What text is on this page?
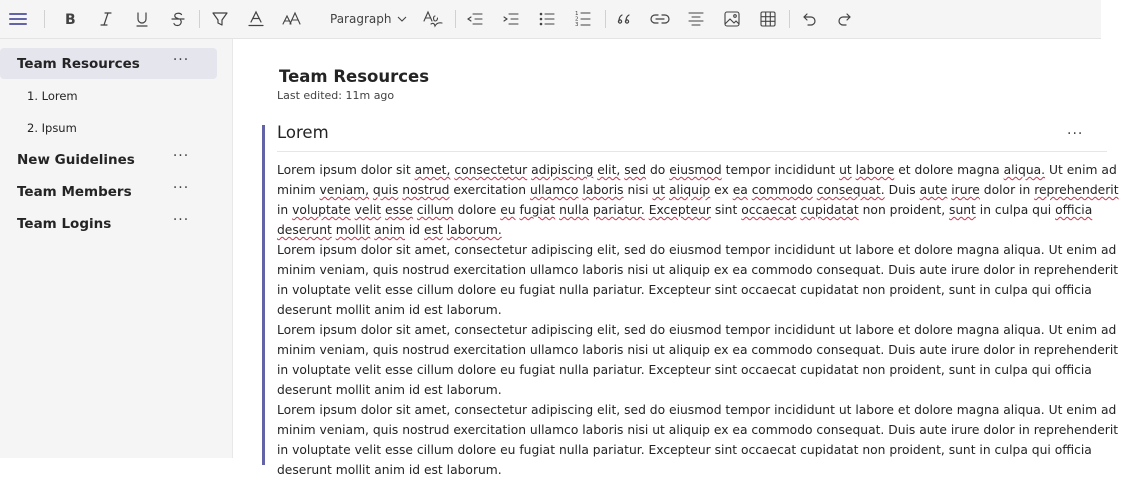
B	Paragraph	1
2
3
Team Resources ···
1. Lorem
2. Ipsum
New Guidelines	···
Team Members	···
Team Logins	···
Team Resources
Last edited: 11m ago
Lorem	···

Lorem ipsum dolor sit amet, consectetur adipiscing elit, sed do eiusmod tempor incididunt ut labore et dolore magna aliqua. Ut enim ad
minim veniam, quis nostrud exercitation ullamco laboris nisi ut aliquip ex ea commodo consequat. Duis aute irure dolor in reprehenderit
in voluptate velit esse cillum dolore eu fugiat nulla pariatur. Excepteur sint occaecat cupidatat non proident, sunt in culpa qui officia
deserunt mollit anim id est laborum.

Lorem ipsum dolor sit amet, consectetur adipiscing elit, sed do eiusmod tempor incididunt ut labore et dolore magna aliqua. Ut enim ad
minim veniam, quis nostrud exercitation ullamco laboris nisi ut aliquip ex ea commodo consequat. Duis aute irure dolor in reprehenderit
in voluptate velit esse cillum dolore eu fugiat nulla pariatur. Excepteur sint occaecat cupidatat non proident, sunt in culpa qui officia
deserunt mollit anim id est laborum.

Lorem ipsum dolor sit amet, consectetur adipiscing elit, sed do eiusmod tempor incididunt ut labore et dolore magna aliqua. Ut enim ad
minim veniam, quis nostrud exercitation ullamco laboris nisi ut aliquip ex ea commodo consequat. Duis aute irure dolor in reprehenderit
in voluptate velit esse cillum dolore eu fugiat nulla pariatur. Excepteur sint occaecat cupidatat non proident, sunt in culpa qui officia
deserunt mollit anim id est laborum.

Lorem ipsum dolor sit amet, consectetur adipiscing elit, sed do eiusmod tempor incididunt ut labore et dolore magna aliqua. Ut enim ad
minim veniam, quis nostrud exercitation ullamco laboris nisi ut aliquip ex ea commodo consequat. Duis aute irure dolor in reprehenderit
in voluptate velit esse cillum dolore eu fugiat nulla pariatur. Excepteur sint occaecat cupidatat non proident, sunt in culpa qui officia
deserunt mollit anim id est laborum.
